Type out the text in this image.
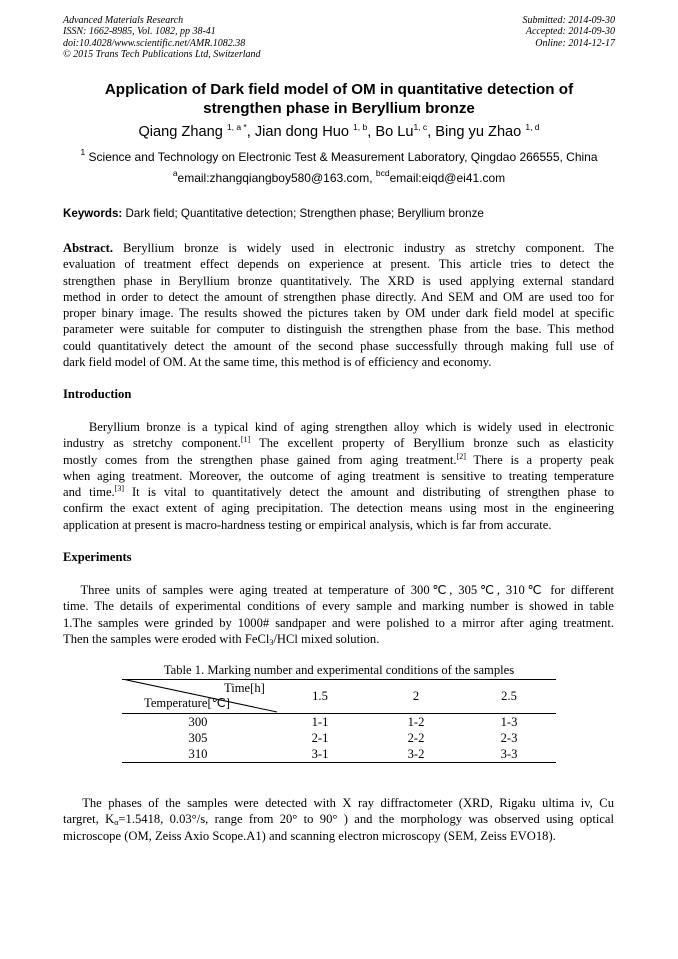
Advanced Materials Research
ISSN: 1662-8985, Vol. 1082, pp 38-41
doi:10.4028/www.scientific.net/AMR.1082.38
© 2015 Trans Tech Publications Ltd, Switzerland
Submitted: 2014-09-30
Accepted: 2014-09-30
Online: 2014-12-17
Application of Dark field model of OM in quantitative detection of
strengthen phase in Beryllium bronze
Qiang Zhang $^{1, a *}$, Jian dong Huo $^{1, b}$, Bo Lu$^{1, c}$, Bing yu Zhao $^{1, d}$
$^1$ Science and Technology on Electronic Test & Measurement Laboratory, Qingdao 266555, China
$^a$email:zhangqiangboy580@163.com, $^{bcd}$email:eiqd@ei41.com
Keywords: Dark field; Quantitative detection; Strengthen phase; Beryllium bronze
Abstract. Beryllium bronze is widely used in electronic industry as stretchy component. The
evaluation of treatment effect depends on experience at present. This article tries to detect the
strengthen phase in Beryllium bronze quantitatively. The XRD is used applying external standard
method in order to detect the amount of strengthen phase directly. And SEM and OM are used too for
proper binary image. The results showed the pictures taken by OM under dark field model at specific
parameter were suitable for computer to distinguish the strengthen phase from the base. This method
could quantitatively detect the amount of the second phase successfully through making full use of
dark field model of OM. At the same time, this method is of efficiency and economy.
Introduction
Beryllium bronze is a typical kind of aging strengthen alloy which is widely used in electronic
industry as stretchy component.[1] The excellent property of Beryllium bronze such as elasticity
mostly comes from the strengthen phase gained from aging treatment.[2] There is a property peak
when aging treatment. Moreover, the outcome of aging treatment is sensitive to treating temperature
and time.[3] It is vital to quantitatively detect the amount and distributing of strengthen phase to
confirm the exact extent of aging precipitation. The detection means using most in the engineering
application at present is macro-hardness testing or empirical analysis, which is far from accurate.
Experiments
Three units of samples were aging treated at temperature of 300℃, 305℃, 310℃ for different
time. The details of experimental conditions of every sample and marking number is showed in table
1.The samples were grinded by 1000# sandpaper and were polished to a mirror after aging treatment.
Then the samples were eroded with FeCl$_3$/HCl mixed solution.
Table 1. Marking number and experimental conditions of the samples
Time[h]
Temperature[℃]	1.5	2	2.5
300	1-1	1-2	1-3
305	2-1	2-2	2-3
310	3-1	3-2	3-3
The phases of the samples were detected with X ray diffractometer (XRD, Rigaku ultima iv, Cu
targret, $K_\alpha=1.5418$, 0.03°/s, range from 20° to 90° ) and the morphology was observed using optical
microscope (OM, Zeiss Axio Scope.A1) and scanning electron microscopy (SEM, Zeiss EVO18).
